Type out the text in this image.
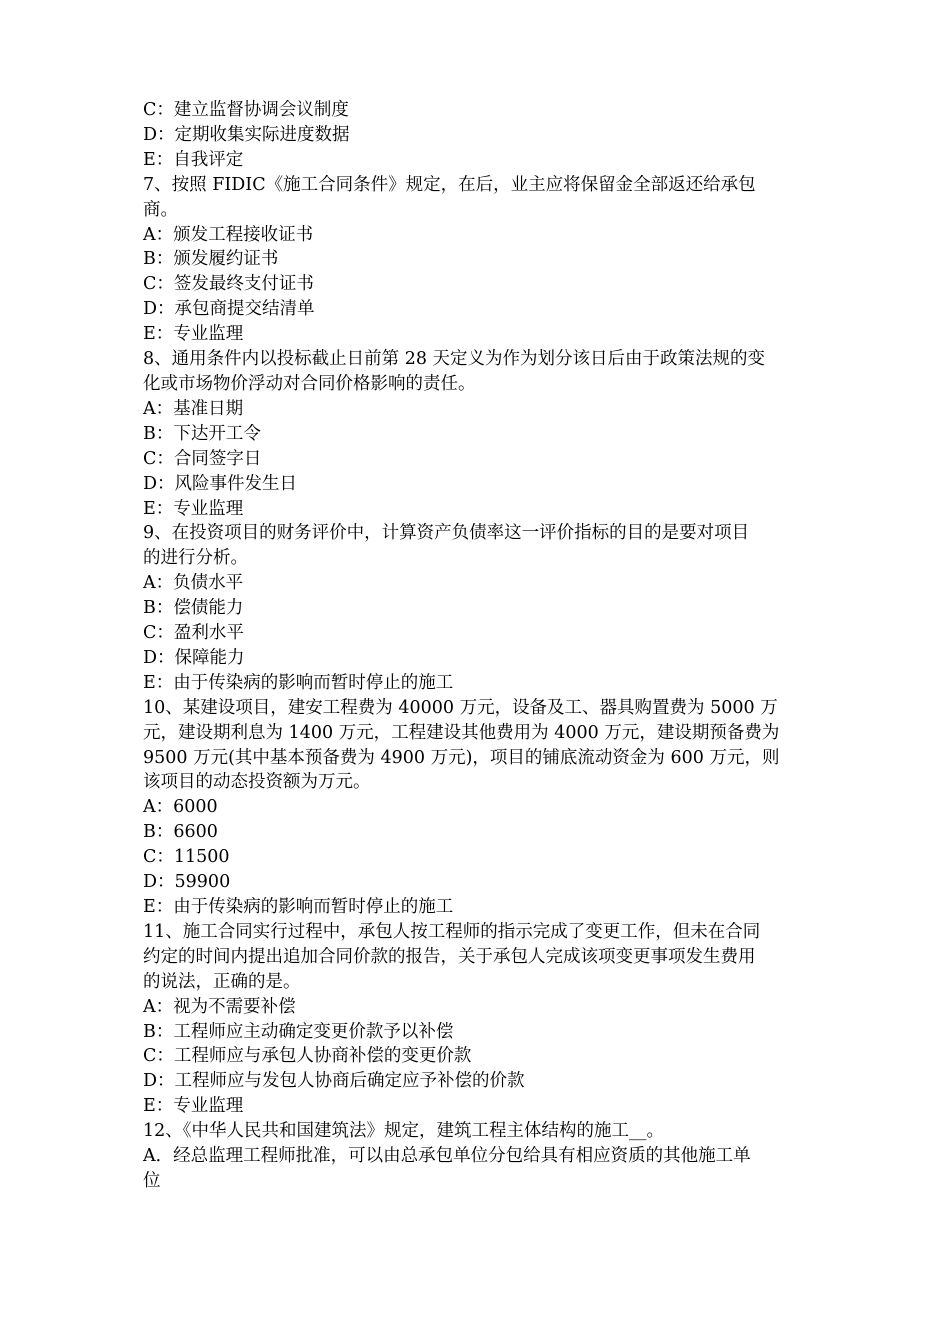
C：建立监督协调会议制度

D：定期收集实际进度数据

E：自我评定

7、按照 FIDIC《施工合同条件》规定，在后，业主应将保留金全部返还给承包

商。

A：颁发工程接收证书

B：颁发履约证书

C：签发最终支付证书

D：承包商提交结清单

E：专业监理

8、通用条件内以投标截止日前第 28 天定义为作为划分该日后由于政策法规的变

化或市场物价浮动对合同价格影响的责任。

A：基准日期

B：下达开工令

C：合同签字日

D：风险事件发生日

E：专业监理

9、在投资项目的财务评价中，计算资产负债率这一评价指标的目的是要对项目

的进行分析。

A：负债水平

B：偿债能力

C：盈利水平

D：保障能力

E：由于传染病的影响而暂时停止的施工

10、某建设项目，建安工程费为 40000 万元，设备及工、器具购置费为 5000 万

元，建设期利息为 1400 万元，工程建设其他费用为 4000 万元，建设期预备费为

9500 万元(其中基本预备费为 4900 万元)，项目的铺底流动资金为 600 万元，则

该项目的动态投资额为万元。

A：6000

B：6600

C：11500

D：59900

E：由于传染病的影响而暂时停止的施工

11、施工合同实行过程中，承包人按工程师的指示完成了变更工作，但未在合同

约定的时间内提出追加合同价款的报告，关于承包人完成该项变更事项发生费用

的说法，正确的是。

A：视为不需要补偿

B：工程师应主动确定变更价款予以补偿

C：工程师应与承包人协商补偿的变更价款

D：工程师应与发包人协商后确定应予补偿的价款

E：专业监理

12、《中华人民共和国建筑法》规定，建筑工程主体结构的施工__。

A．经总监理工程师批准，可以由总承包单位分包给具有相应资质的其他施工单

位
